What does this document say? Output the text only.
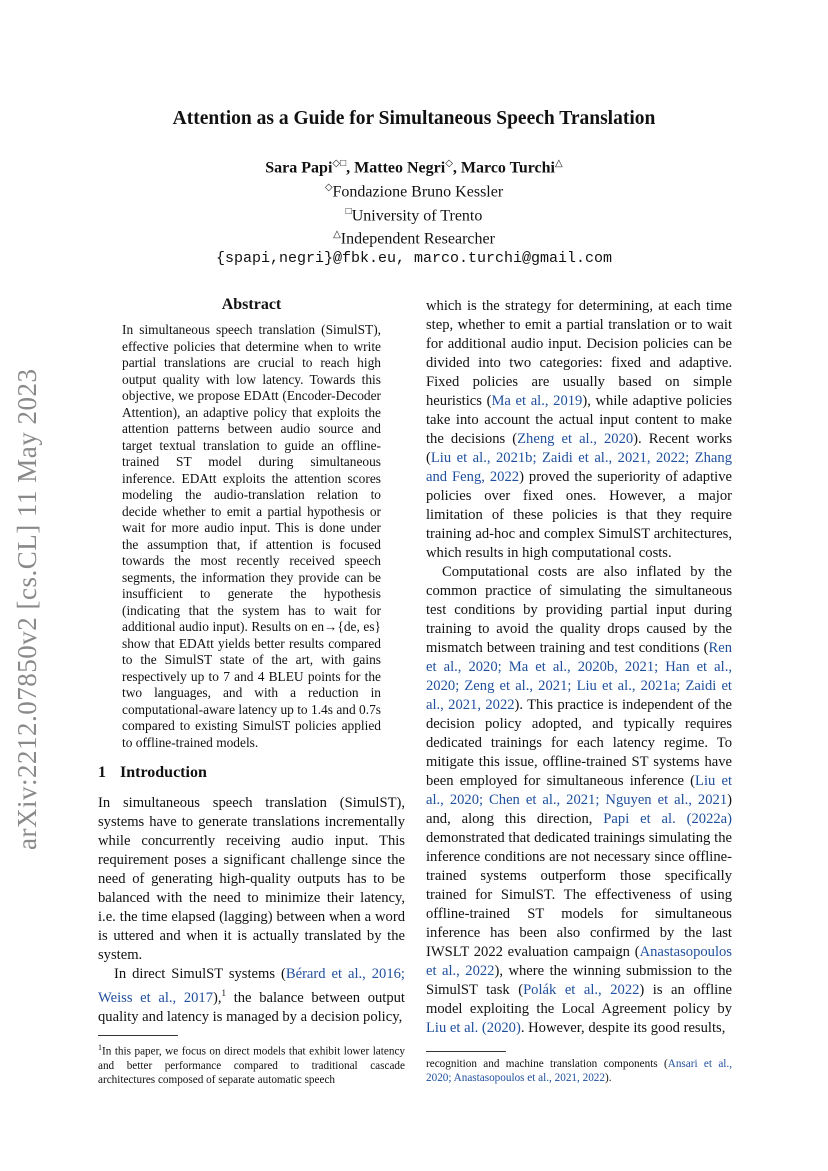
arXiv:2212.07850v2 [cs.CL] 11 May 2023
Attention as a Guide for Simultaneous Speech Translation
Sara Papi◇□, Matteo Negri◇, Marco Turchi△
◇Fondazione Bruno Kessler
□University of Trento
△Independent Researcher
{spapi,negri}@fbk.eu, marco.turchi@gmail.com
Abstract
In simultaneous speech translation (SimulST), effective policies that determine when to write partial translations are crucial to reach high output quality with low latency. Towards this objective, we propose EDAtt (Encoder-Decoder Attention), an adaptive policy that exploits the attention patterns between audio source and target textual translation to guide an offline-trained ST model during simultaneous inference. EDAtt exploits the attention scores modeling the audio-translation relation to decide whether to emit a partial hypothesis or wait for more audio input. This is done under the assumption that, if attention is focused towards the most recently received speech segments, the information they provide can be insufficient to generate the hypothesis (indicating that the system has to wait for additional audio input). Results on en→{de, es} show that EDAtt yields better results compared to the SimulST state of the art, with gains respectively up to 7 and 4 BLEU points for the two languages, and with a reduction in computational-aware latency up to 1.4s and 0.7s compared to existing SimulST policies applied to offline-trained models.
1 Introduction

In simultaneous speech translation (SimulST), systems have to generate translations incrementally while concurrently receiving audio input. This requirement poses a significant challenge since the need of generating high-quality outputs has to be balanced with the need to minimize their latency, i.e. the time elapsed (lagging) between when a word is uttered and when it is actually translated by the system.

In direct SimulST systems (Bérard et al., 2016; Weiss et al., 2017),$^1$ the balance between output quality and latency is managed by a decision policy,

$^1$In this paper, we focus on direct models that exhibit lower latency and better performance compared to traditional cascade architectures composed of separate automatic speech

which is the strategy for determining, at each time step, whether to emit a partial translation or to wait for additional audio input. Decision policies can be divided into two categories: fixed and adaptive. Fixed policies are usually based on simple heuristics (Ma et al., 2019), while adaptive policies take into account the actual input content to make the decisions (Zheng et al., 2020). Recent works (Liu et al., 2021b; Zaidi et al., 2021, 2022; Zhang and Feng, 2022) proved the superiority of adaptive policies over fixed ones. However, a major limitation of these policies is that they require training ad-hoc and complex SimulST architectures, which results in high computational costs.

Computational costs are also inflated by the common practice of simulating the simultaneous test conditions by providing partial input during training to avoid the quality drops caused by the mismatch between training and test conditions (Ren et al., 2020; Ma et al., 2020b, 2021; Han et al., 2020; Zeng et al., 2021; Liu et al., 2021a; Zaidi et al., 2021, 2022). This practice is independent of the decision policy adopted, and typically requires dedicated trainings for each latency regime. To mitigate this issue, offline-trained ST systems have been employed for simultaneous inference (Liu et al., 2020; Chen et al., 2021; Nguyen et al., 2021) and, along this direction, Papi et al. (2022a) demonstrated that dedicated trainings simulating the inference conditions are not necessary since offline-trained systems outperform those specifically trained for SimulST. The effectiveness of using offline-trained ST models for simultaneous inference has been also confirmed by the last IWSLT 2022 evaluation campaign (Anastasopoulos et al., 2022), where the winning submission to the SimulST task (Polák et al., 2022) is an offline model exploiting the Local Agreement policy by Liu et al. (2020). However, despite its good results,

recognition and machine translation components (Ansari et al., 2020; Anastasopoulos et al., 2021, 2022).
